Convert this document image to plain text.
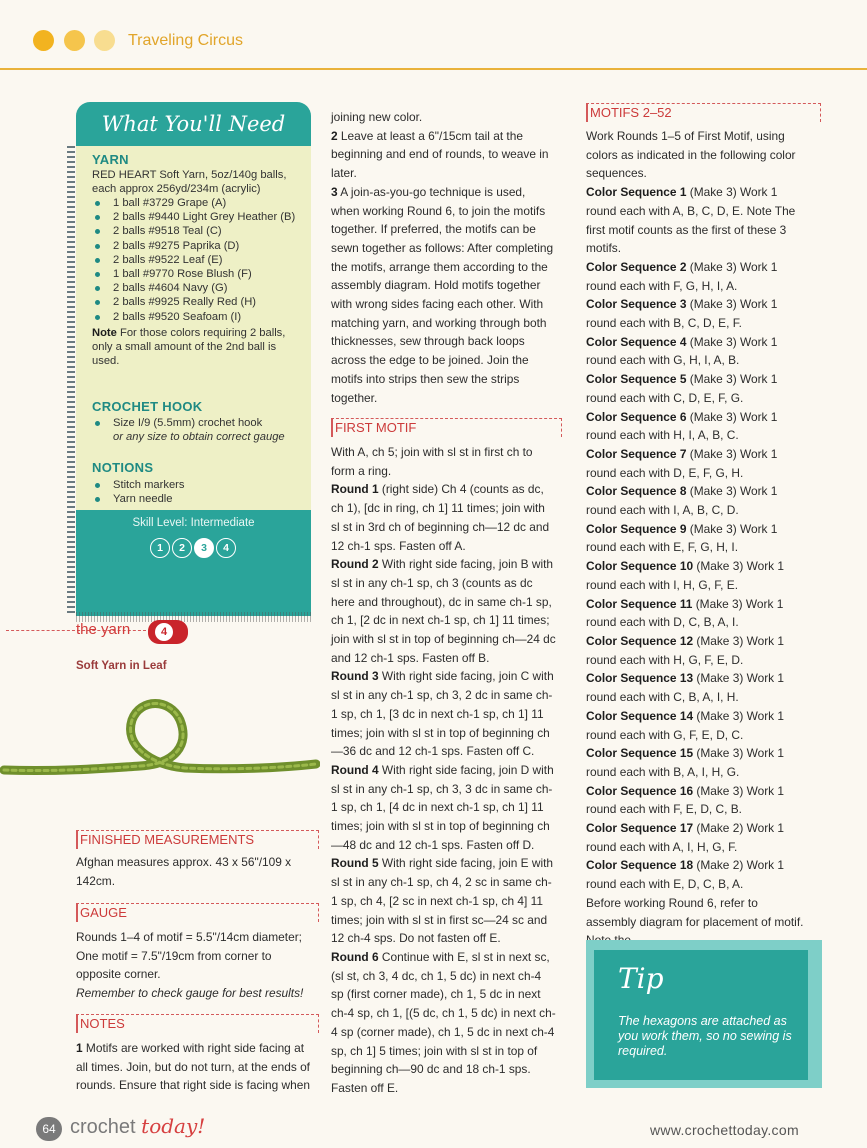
Traveling Circus
What You'll Need
YARN
RED HEART Soft Yarn, 5oz/140g balls, each approx 256yd/234m (acrylic)
1 ball #3729 Grape (A)
2 balls #9440 Light Grey Heather (B)
2 balls #9518 Teal (C)
2 balls #9275 Paprika (D)
2 balls #9522 Leaf (E)
1 ball #9770 Rose Blush (F)
2 balls #4604 Navy (G)
2 balls #9925 Really Red (H)
2 balls #9520 Seafoam (I)
Note For those colors requiring 2 balls, only a small amount of the 2nd ball is used.
CROCHET HOOK
Size I/9 (5.5mm) crochet hook
or any size to obtain correct gauge
NOTIONS
Stitch markers
Yarn needle
Skill Level: Intermediate
1	2	3	4
the yarn	4
Soft Yarn in Leaf
FINISHED MEASUREMENTS
Afghan measures approx. 43 x 56"/109 x 142cm.
GAUGE

Rounds 1–4 of motif = 5.5"/14cm diameter;

One motif = 7.5"/19cm from corner to opposite corner.

Remember to check gauge for best results!

NOTES
1 Motifs are worked with right side facing at all times. Join, but do not turn, at the ends of rounds. Ensure that right side is facing when

joining new color.

2 Leave at least a 6"/15cm tail at the beginning and end of rounds, to weave in later.

3 A join-as-you-go technique is used, when working Round 6, to join the motifs together. If preferred, the motifs can be sewn together as follows: After completing the motifs, arrange them according to the assembly diagram. Hold motifs together with wrong sides facing each other. With matching yarn, and working through both thicknesses, sew through back loops across the edge to be joined. Join the motifs into strips then sew the strips together.

FIRST MOTIF

With A, ch 5; join with sl st in first ch to form a ring.

Round 1 (right side) Ch 4 (counts as dc, ch 1), [dc in ring, ch 1] 11 times; join with sl st in 3rd ch of beginning ch—12 dc and 12 ch-1 sps. Fasten off A.

Round 2 With right side facing, join B with sl st in any ch-1 sp, ch 3 (counts as dc here and throughout), dc in same ch-1 sp, ch 1, [2 dc in next ch-1 sp, ch 1] 11 times; join with sl st in top of beginning ch—24 dc and 12 ch-1 sps. Fasten off B.

Round 3 With right side facing, join C with sl st in any ch-1 sp, ch 3, 2 dc in same ch-1 sp, ch 1, [3 dc in next ch-1 sp, ch 1] 11 times; join with sl st in top of beginning ch—36 dc and 12 ch-1 sps. Fasten off C.

Round 4 With right side facing, join D with sl st in any ch-1 sp, ch 3, 3 dc in same ch-1 sp, ch 1, [4 dc in next ch-1 sp, ch 1] 11 times; join with sl st in top of beginning ch—48 dc and 12 ch-1 sps. Fasten off D.

Round 5 With right side facing, join E with sl st in any ch-1 sp, ch 4, 2 sc in same ch-1 sp, ch 4, [2 sc in next ch-1 sp, ch 4] 11 times; join with sl st in first sc—24 sc and 12 ch-4 sps. Do not fasten off E.

Round 6 Continue with E, sl st in next sc, (sl st, ch 3, 4 dc, ch 1, 5 dc) in next ch-4 sp (first corner made), ch 1, 5 dc in next ch-4 sp, ch 1, [(5 dc, ch 1, 5 dc) in next ch-4 sp (corner made), ch 1, 5 dc in next ch-4 sp, ch 1] 5 times; join with sl st in top of beginning ch—90 dc and 18 ch-1 sps. Fasten off E.

MOTIFS 2–52

Work Rounds 1–5 of First Motif, using colors as indicated in the following color sequences.

Color Sequence 1 (Make 3) Work 1 round each with A, B, C, D, E. Note The first motif counts as the first of these 3 motifs.

Color Sequence 2 (Make 3) Work 1 round each with F, G, H, I, A.

Color Sequence 3 (Make 3) Work 1 round each with B, C, D, E, F.

Color Sequence 4 (Make 3) Work 1 round each with G, H, I, A, B.

Color Sequence 5 (Make 3) Work 1 round each with C, D, E, F, G.

Color Sequence 6 (Make 3) Work 1 round each with H, I, A, B, C.

Color Sequence 7 (Make 3) Work 1 round each with D, E, F, G, H.

Color Sequence 8 (Make 3) Work 1 round each with I, A, B, C, D.

Color Sequence 9 (Make 3) Work 1 round each with E, F, G, H, I.

Color Sequence 10 (Make 3) Work 1 round each with I, H, G, F, E.

Color Sequence 11 (Make 3) Work 1 round each with D, C, B, A, I.

Color Sequence 12 (Make 3) Work 1 round each with H, G, F, E, D.

Color Sequence 13 (Make 3) Work 1 round each with C, B, A, I, H.

Color Sequence 14 (Make 3) Work 1 round each with G, F, E, D, C.

Color Sequence 15 (Make 3) Work 1 round each with B, A, I, H, G.

Color Sequence 16 (Make 3) Work 1 round each with F, E, D, C, B.

Color Sequence 17 (Make 2) Work 1 round each with A, I, H, G, F.

Color Sequence 18 (Make 2) Work 1 round each with E, D, C, B, A.

Before working Round 6, refer to assembly diagram for placement of motif.

Tip
The hexagons are attached as you work them, so no sewing is required.
64 crochet today!	www.crochettoday.com
